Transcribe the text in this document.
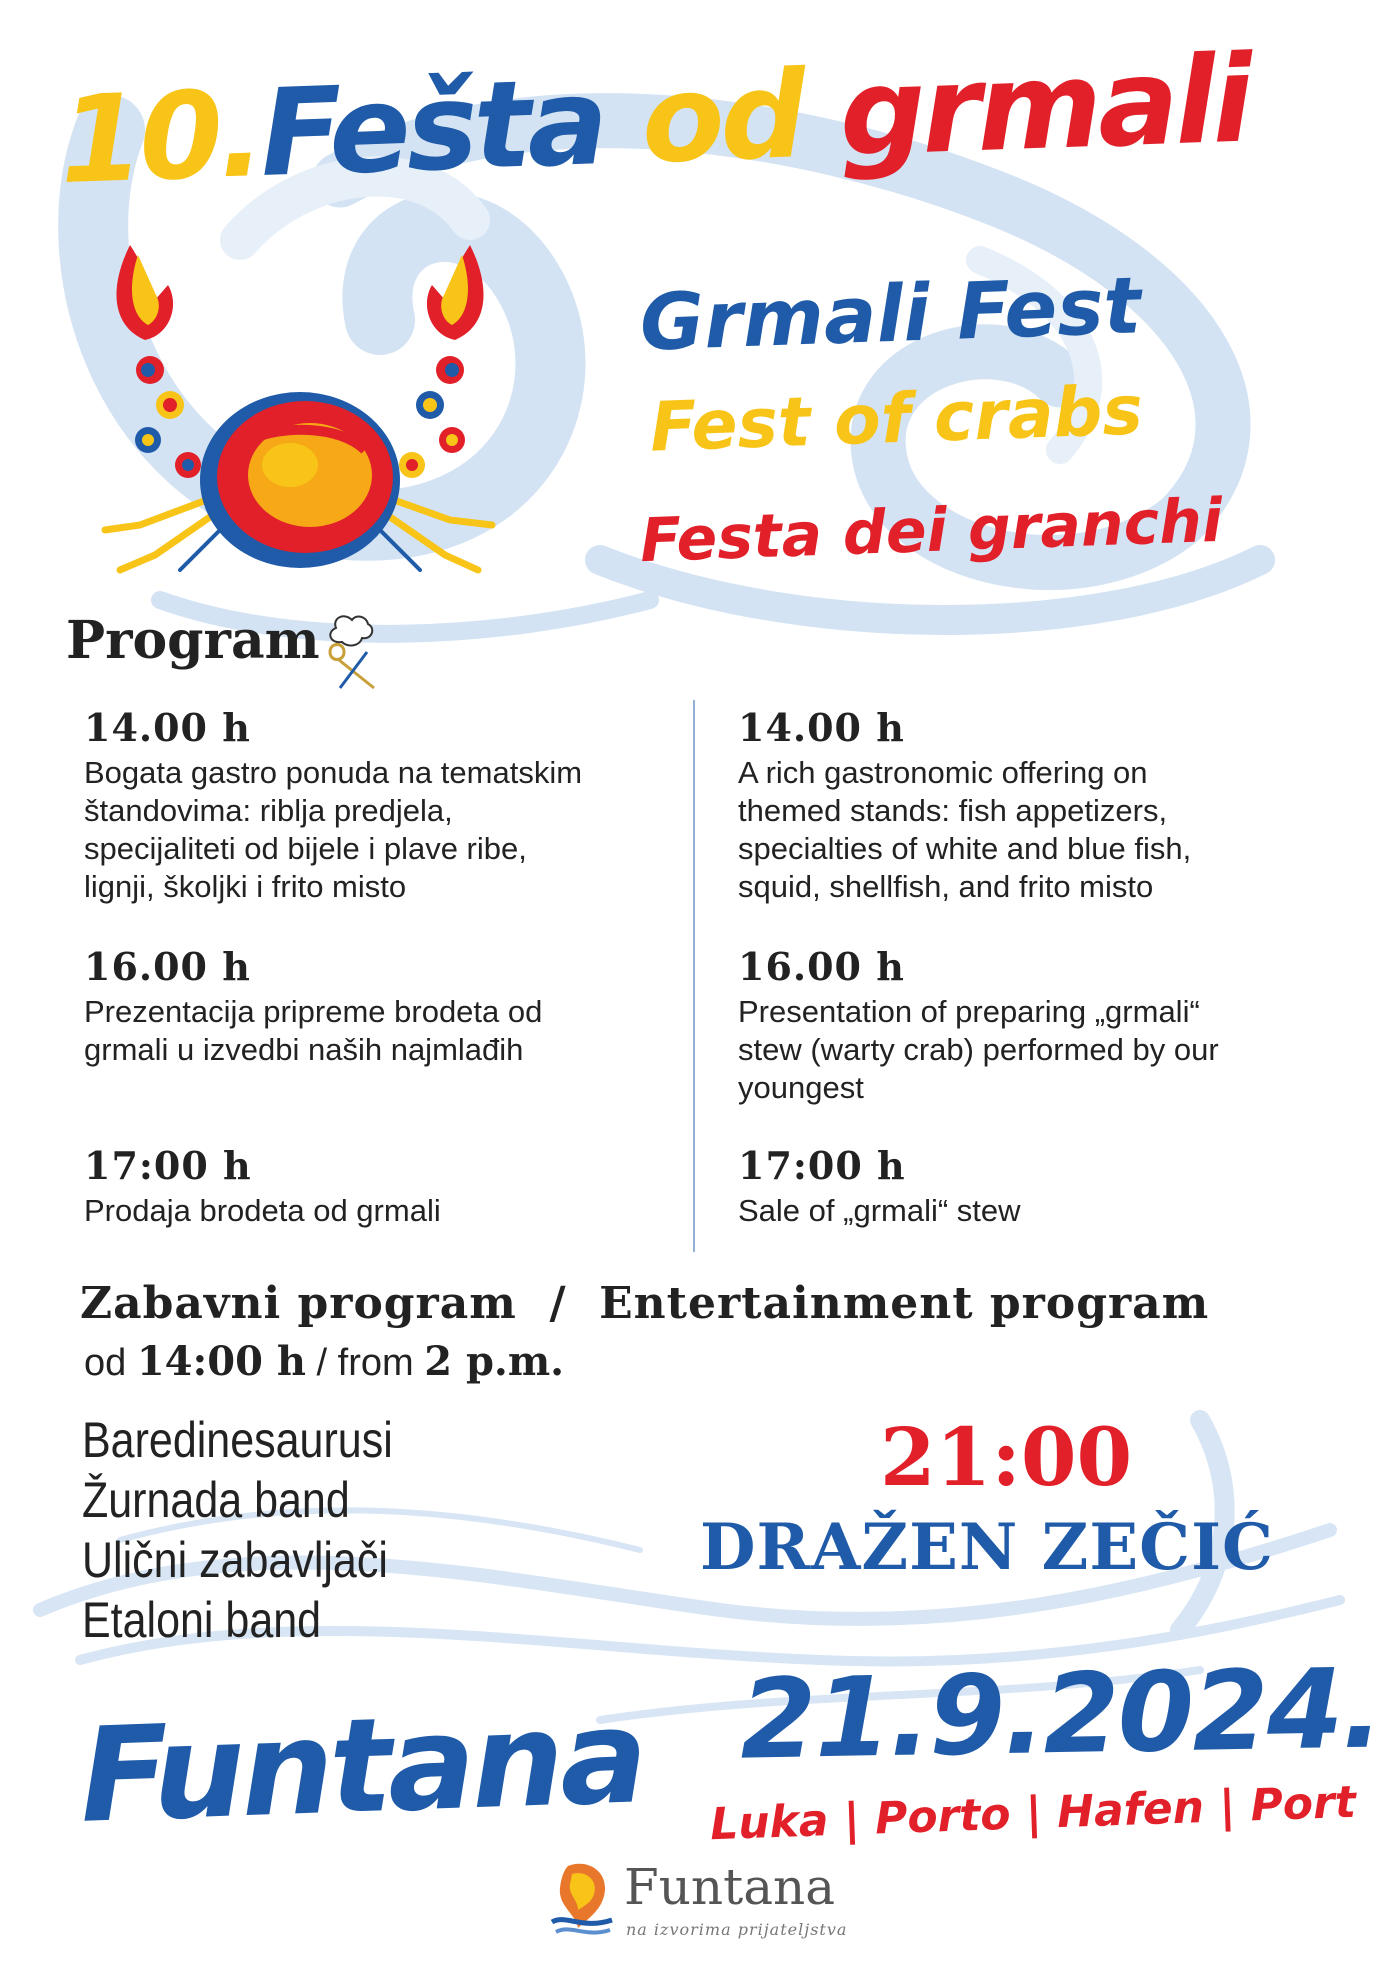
10.Fešta od grmali
Grmali Fest
Fest of crabs
Festa dei granchi
Program
14.00 h
Bogata gastro ponuda na tematskim
štandovima: riblja predjela,
specijaliteti od bijele i plave ribe,
lignji, školjki i frito misto
16.00 h
Prezentacija pripreme brodeta od
grmali u izvedbi naših najmlađih
17:00 h
Prodaja brodeta od grmali
14.00 h
A rich gastronomic offering on
themed stands: fish appetizers,
specialties of white and blue fish,
squid, shellfish, and frito misto
16.00 h
Presentation of preparing „grmali“
stew (warty crab) performed by our
youngest
17:00 h
Sale of „grmali“ stew
Zabavni program  /  Entertainment program
od 14:00 h / from 2 p.m.
Baredinesaurusi
Žurnada band
Ulični zabavljači
Etaloni band
21:00
DRAŽEN ZEČIĆ
Funtana 21.9.2024.
Luka | Porto | Hafen | Port
Funtana
na izvorima prijateljstva
